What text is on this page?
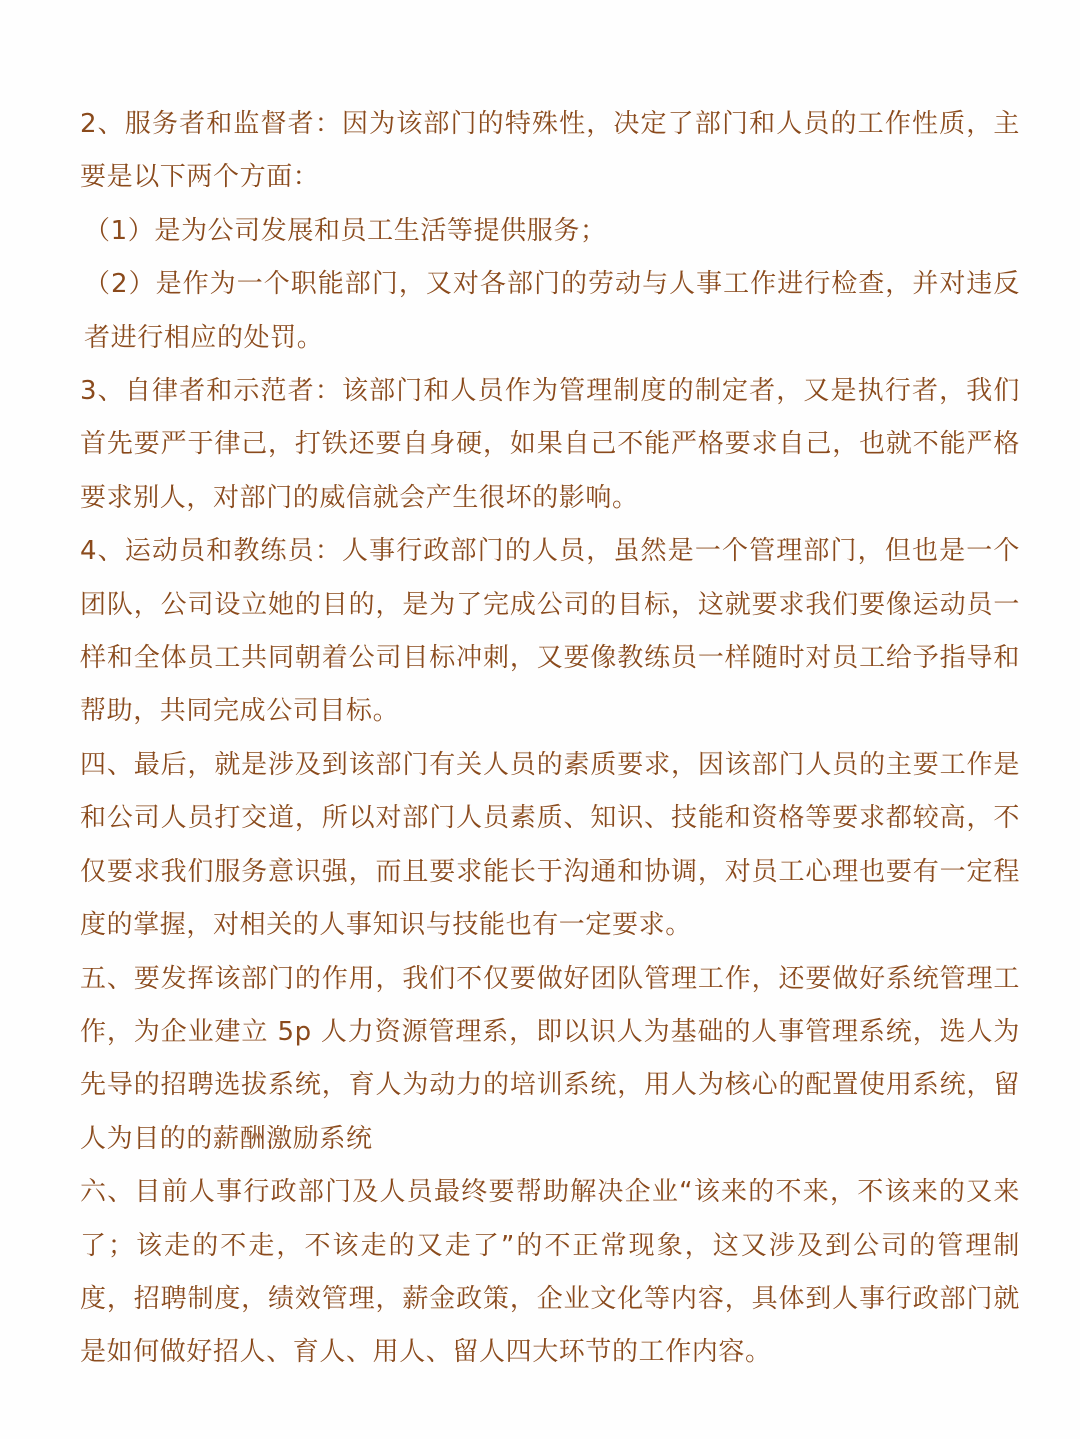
2、服务者和监督者：因为该部门的特殊性，决定了部门和人员的工作性质，主要是以下两个方面：

（1）是为公司发展和员工生活等提供服务；

（2）是作为一个职能部门，又对各部门的劳动与人事工作进行检查，并对违反者进行相应的处罚。

3、自律者和示范者：该部门和人员作为管理制度的制定者，又是执行者，我们首先要严于律己，打铁还要自身硬，如果自己不能严格要求自己，也就不能严格要求别人，对部门的威信就会产生很坏的影响。

4、运动员和教练员：人事行政部门的人员，虽然是一个管理部门，但也是一个团队，公司设立她的目的，是为了完成公司的目标，这就要求我们要像运动员一样和全体员工共同朝着公司目标冲刺，又要像教练员一样随时对员工给予指导和帮助，共同完成公司目标。

四、最后，就是涉及到该部门有关人员的素质要求，因该部门人员的主要工作是和公司人员打交道，所以对部门人员素质、知识、技能和资格等要求都较高，不仅要求我们服务意识强，而且要求能长于沟通和协调，对员工心理也要有一定程度的掌握，对相关的人事知识与技能也有一定要求。

五、要发挥该部门的作用，我们不仅要做好团队管理工作，还要做好系统管理工作，为企业建立 5p 人力资源管理系，即以识人为基础的人事管理系统，选人为先导的招聘选拔系统，育人为动力的培训系统，用人为核心的配置使用系统，留人为目的的薪酬激励系统

六、目前人事行政部门及人员最终要帮助解决企业“该来的不来，不该来的又来了；该走的不走，不该走的又走了”的不正常现象，这又涉及到公司的管理制度，招聘制度，绩效管理，薪金政策，企业文化等内容，具体到人事行政部门就是如何做好招人、育人、用人、留人四大环节的工作内容。
